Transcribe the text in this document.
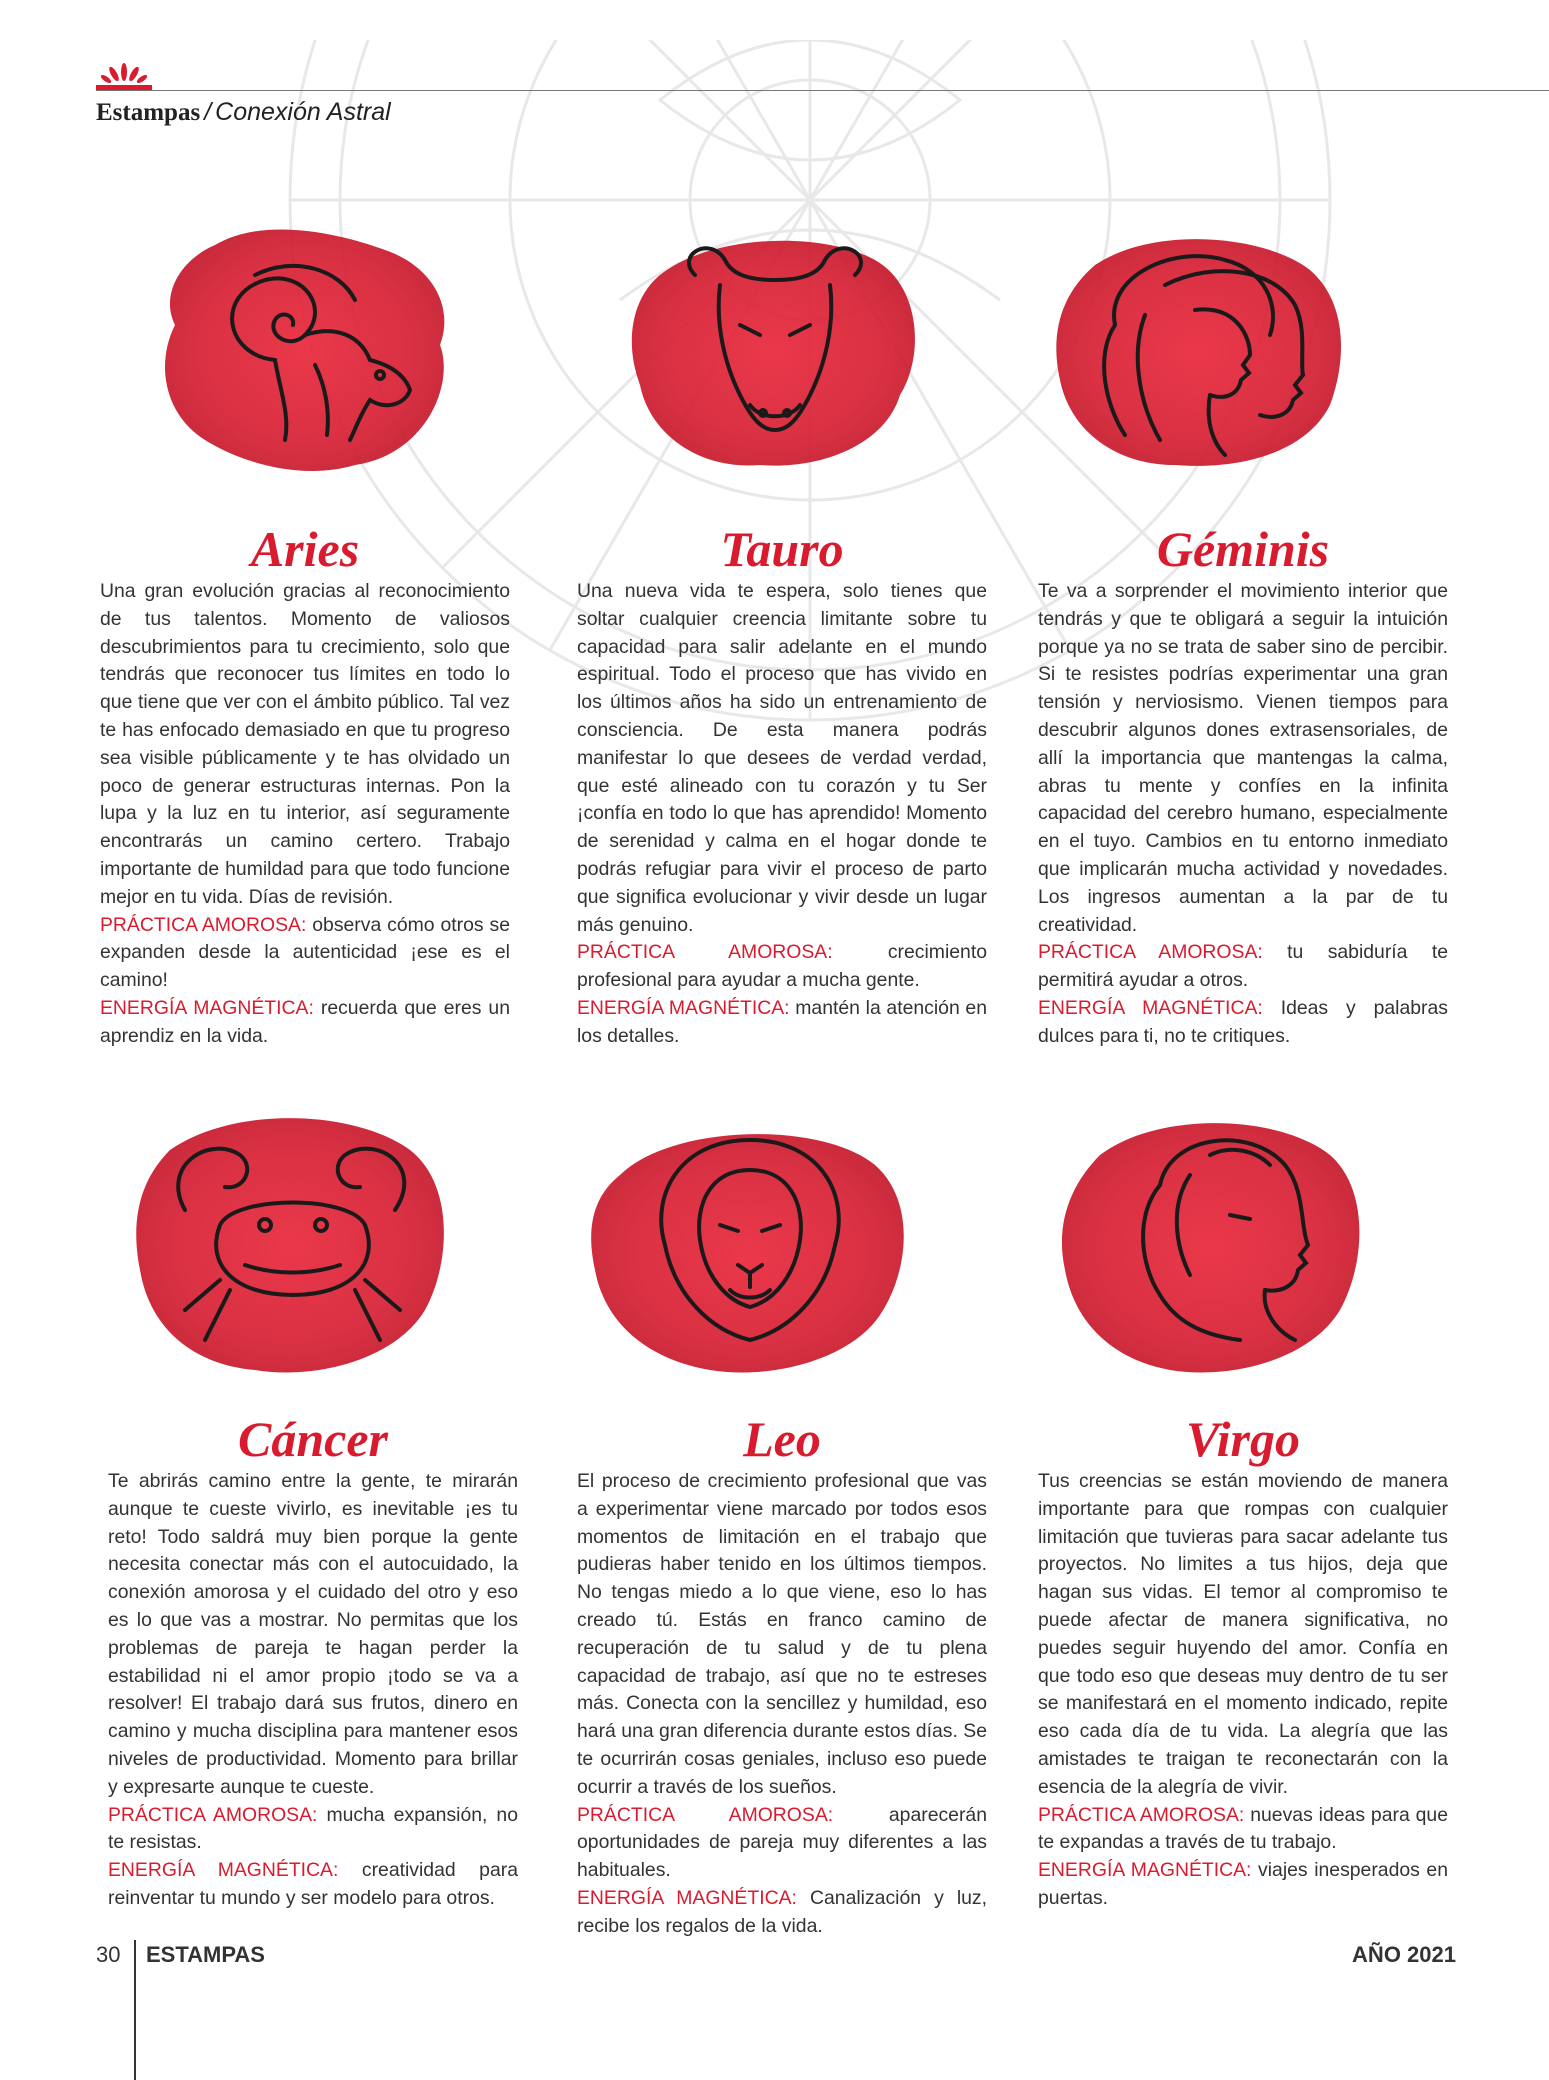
Estampas / Conexión Astral
Aries

Una gran evolución gracias al reconocimiento de tus talentos. Momento de valiosos descubrimientos para tu crecimiento, solo que tendrás que reconocer tus límites en todo lo que tiene que ver con el ámbito público. Tal vez te has enfocado demasiado en que tu progreso sea visible públicamente y te has olvidado un poco de generar estructuras internas. Pon la lupa y la luz en tu interior, así seguramente encontrarás un camino certero. Trabajo importante de humildad para que todo funcione mejor en tu vida. Días de revisión.

PRÁCTICA AMOROSA: observa cómo otros se expanden desde la autenticidad ¡ese es el camino!

ENERGÍA MAGNÉTICA: recuerda que eres un aprendiz en la vida.

Tauro

Una nueva vida te espera, solo tienes que soltar cualquier creencia limitante sobre tu capacidad para salir adelante en el mundo espiritual. Todo el proceso que has vivido en los últimos años ha sido un entrenamiento de consciencia. De esta manera podrás manifestar lo que desees de verdad verdad, que esté alineado con tu corazón y tu Ser ¡confía en todo lo que has aprendido! Momento de serenidad y calma en el hogar donde te podrás refugiar para vivir el proceso de parto que significa evolucionar y vivir desde un lugar más genuino.

PRÁCTICA AMOROSA:	crecimiento profesional para ayudar a mucha gente.

ENERGÍA MAGNÉTICA: mantén la atención en los detalles.

Géminis

Te va a sorprender el movimiento interior que tendrás y que te obligará a seguir la intuición porque ya no se trata de saber sino de percibir. Si te resistes podrías experimentar una gran tensión y nerviosismo. Vienen tiempos para descubrir algunos dones extrasensoriales, de allí la importancia que mantengas la calma, abras tu mente y confíes en la infinita capacidad del cerebro humano, especialmente en el tuyo. Cambios en tu entorno inmediato que implicarán mucha actividad y novedades. Los ingresos aumentan a la par de tu creatividad.

PRÁCTICA AMOROSA: tu sabiduría te permitirá ayudar a otros.

ENERGÍA MAGNÉTICA: Ideas y palabras dulces para ti, no te critiques.

Cáncer

Te abrirás camino entre la gente, te mirarán aunque te cueste vivirlo, es inevitable ¡es tu reto! Todo saldrá muy bien porque la gente necesita conectar más con el autocuidado, la conexión amorosa y el cuidado del otro y eso es lo que vas a mostrar. No permitas que los problemas de pareja te hagan perder la estabilidad ni el amor propio ¡todo se va a resolver! El trabajo dará sus frutos, dinero en camino y mucha disciplina para mantener esos niveles de productividad. Momento para brillar y expresarte aunque te cueste.

PRÁCTICA AMOROSA: mucha expansión, no te resistas.

ENERGÍA MAGNÉTICA: creatividad para reinventar tu mundo y ser modelo para otros.

Leo

El proceso de crecimiento profesional que vas a experimentar viene marcado por todos esos momentos de limitación en el trabajo que pudieras haber tenido en los últimos tiempos. No tengas miedo a lo que viene, eso lo has creado tú. Estás en franco camino de recuperación de tu salud y de tu plena capacidad de trabajo, así que no te estreses más. Conecta con la sencillez y humildad, eso hará una gran diferencia durante estos días. Se te ocurrirán cosas geniales, incluso eso puede ocurrir a través de los sueños.

PRÁCTICA AMOROSA:	aparecerán oportunidades de pareja muy diferentes a las habituales.

ENERGÍA MAGNÉTICA: Canalización y luz, recibe los regalos de la vida.

Virgo

Tus creencias se están moviendo de manera importante para que rompas con cualquier limitación que tuvieras para sacar adelante tus proyectos. No limites a tus hijos, deja que hagan sus vidas. El temor al compromiso te puede afectar de manera significativa, no puedes seguir huyendo del amor. Confía en que todo eso que deseas muy dentro de tu ser se manifestará en el momento indicado, repite eso cada día de tu vida. La alegría que las amistades te traigan te reconectarán con la esencia de la alegría de vivir.

PRÁCTICA AMOROSA: nuevas ideas para que te expandas a través de tu trabajo.

ENERGÍA MAGNÉTICA: viajes inesperados en puertas.

30 ESTAMPAS	AÑO 2021
